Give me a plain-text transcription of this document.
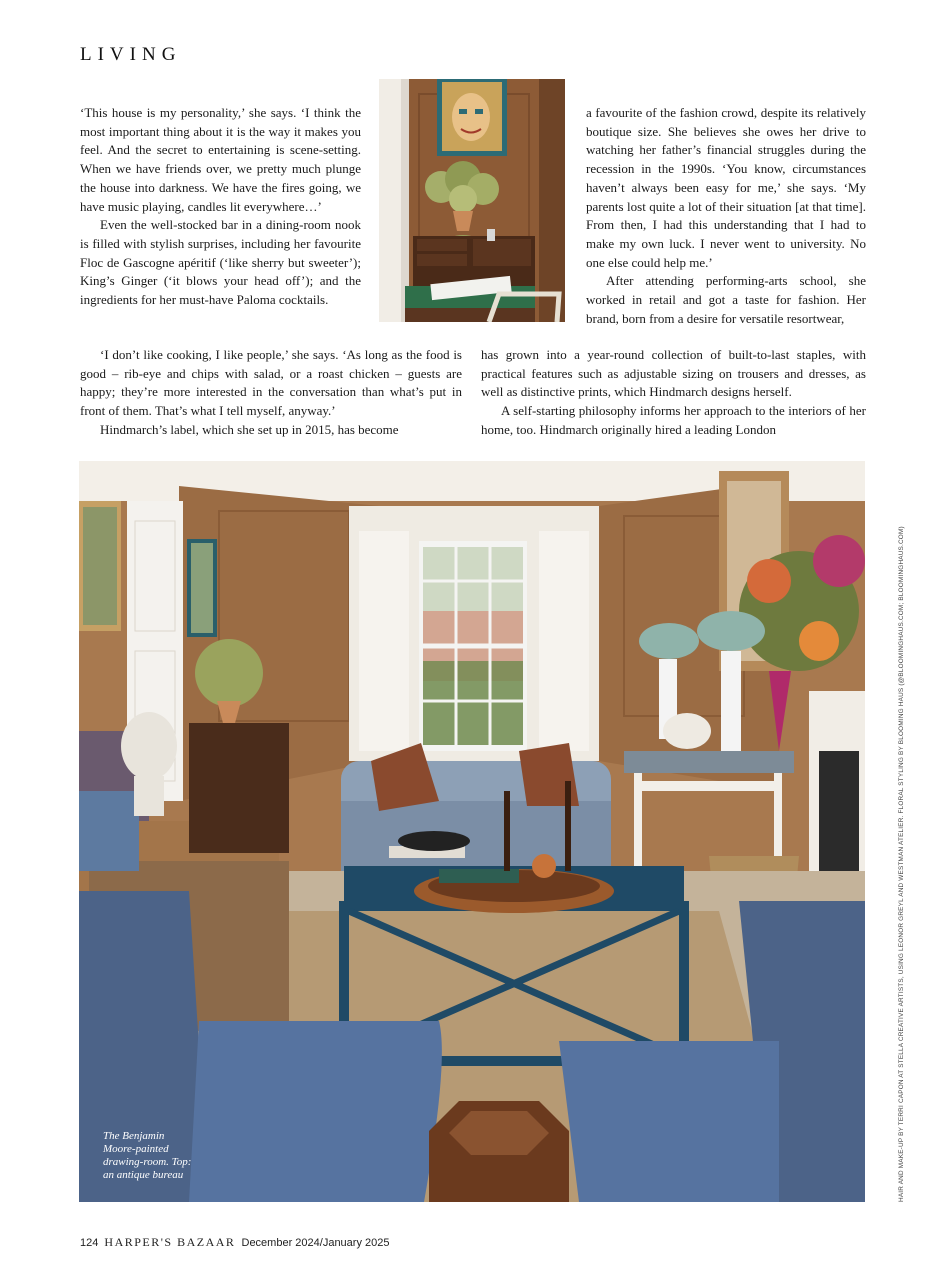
LIVING

‘This house is my personality,’ she says. ‘I think the most important thing about it is the way it makes you feel. And the secret to entertaining is scene-setting. When we have friends over, we pretty much plunge the house into darkness. We have the fires going, we have music playing, candles lit everywhere…’

Even the well-stocked bar in a dining-room nook is filled with stylish surprises, including her favourite Floc de Gascogne apéritif (‘like sherry but sweeter’); King’s Ginger (‘it blows your head off’); and the ingredients for her must-have Paloma cocktails.

‘I don’t like cooking, I like people,’ she says. ‘As long as the food is good – rib-eye and chips with salad, or a roast chicken – guests are happy; they’re more interested in the conversation than what’s put in front of them. That’s what I tell myself, anyway.’

Hindmarch’s label, which she set up in 2015, has become

a favourite of the fashion crowd, despite its relatively boutique size. She believes she owes her drive to watching her father’s financial struggles during the recession in the 1990s. ‘You know, circumstances haven’t always been easy for me,’ she says. ‘My parents lost quite a lot of their situation [at that time]. From then, I had this understanding that I had to make my own luck. I never went to university. No one else could help me.’

After attending performing-arts school, she worked in retail and got a taste for fashion. Her brand, born from a desire for versatile resortwear,

has grown into a year-round collection of built-to-last staples, with practical features such as adjustable sizing on trousers and dresses, as well as distinctive prints, which Hindmarch designs herself.

A self-starting philosophy informs her approach to the interiors of her home, too. Hindmarch originally hired a leading London

The Benjamin Moore-painted drawing-room. Top: an antique bureau	HAIR AND MAKE-UP BY TERRI CAPON AT STELLA CREATIVE ARTISTS, USING LEONOR GREYL AND WESTMAN ATELIER. FLORAL STYLING BY BLOOMING HAUS (@BLOOMINGHAUS.COM; BLOOMINGHAUS.COM)
124 HARPER'S BAZAAR December 2024/January 2025
